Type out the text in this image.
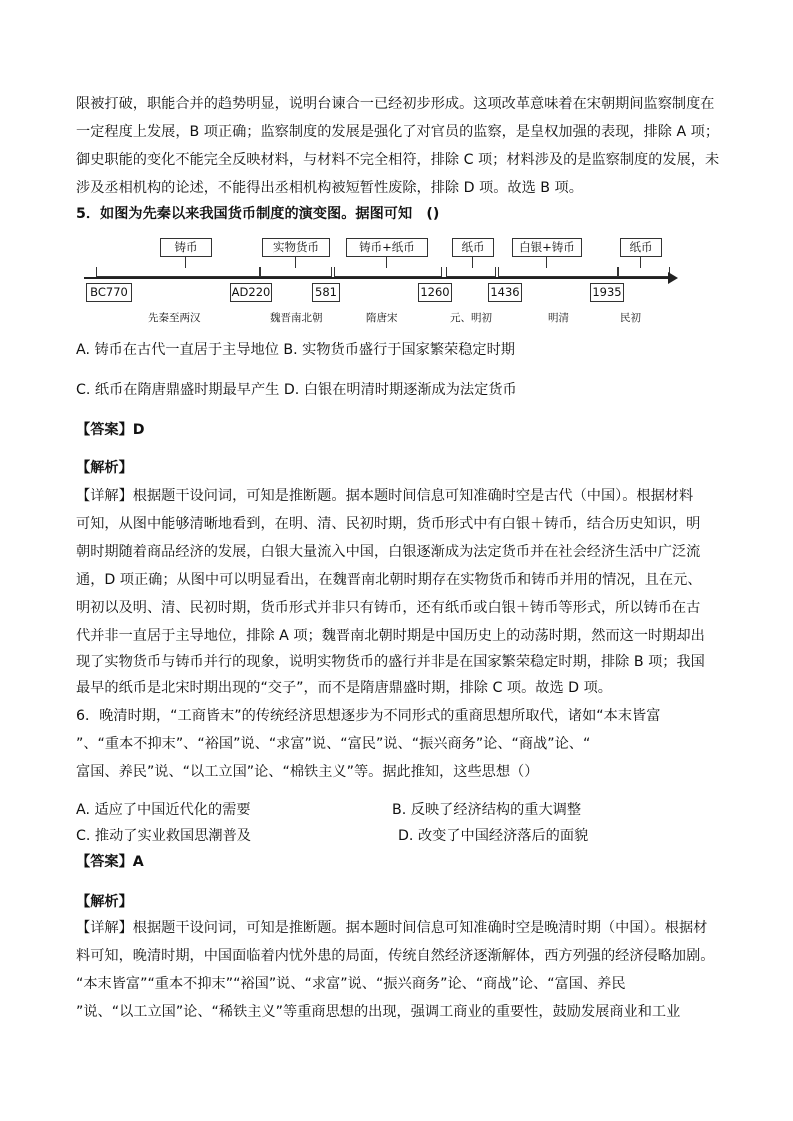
限被打破，职能合并的趋势明显，说明台谏合一已经初步形成。这项改革意味着在宋朝期间监察制度在
一定程度上发展，B 项正确；监察制度的发展是强化了对官员的监察，是皇权加强的表现，排除 A 项；
御史职能的变化不能完全反映材料，与材料不完全相符，排除 C 项；材料涉及的是监察制度的发展，未
涉及丞相机构的论述，不能得出丞相机构被短暂性废除，排除 D 项。故选 B 项。
5．如图为先秦以来我国货币制度的演变图。据图可知　()
铸币	实物货币	铸币+纸币	纸币	白银+铸币	纸币
BC770	AD220	581	1260	1436	1935
先秦至两汉	魏晋南北朝	隋唐宋	元、明初	明清	民初
A. 铸币在古代一直居于主导地位 B. 实物货币盛行于国家繁荣稳定时期
C. 纸币在隋唐鼎盛时期最早产生 D. 白银在明清时期逐渐成为法定货币
【答案】D
【解析】
【详解】根据题干设问词，可知是推断题。据本题时间信息可知准确时空是古代（中国）。根据材料
可知，从图中能够清晰地看到，在明、清、民初时期，货币形式中有白银＋铸币，结合历史知识，明
朝时期随着商品经济的发展，白银大量流入中国，白银逐渐成为法定货币并在社会经济生活中广泛流
通，D 项正确；从图中可以明显看出，在魏晋南北朝时期存在实物货币和铸币并用的情况，且在元、
明初以及明、清、民初时期，货币形式并非只有铸币，还有纸币或白银＋铸币等形式，所以铸币在古
代并非一直居于主导地位，排除 A 项；魏晋南北朝时期是中国历史上的动荡时期，然而这一时期却出
现了实物货币与铸币并行的现象，说明实物货币的盛行并非是在国家繁荣稳定时期，排除 B 项；我国
最早的纸币是北宋时期出现的“交子”，而不是隋唐鼎盛时期，排除 C 项。故选 D 项。
6．晚清时期，“工商皆末”的传统经济思想逐步为不同形式的重商思想所取代，诸如“本末皆富
”、“重本不抑末”、“裕国”说、“求富”说、“富民”说、“振兴商务”论、“商战”论、“
富国、养民”说、“以工立国”论、“棉铁主义”等。据此推知，这些思想（）
A. 适应了中国近代化的需要	B. 反映了经济结构的重大调整
C. 推动了实业救国思潮普及	D. 改变了中国经济落后的面貌
【答案】A
【解析】
【详解】根据题干设问词，可知是推断题。据本题时间信息可知准确时空是晚清时期（中国）。根据材
料可知，晚清时期，中国面临着内忧外患的局面，传统自然经济逐渐解体，西方列强的经济侵略加剧。
“本末皆富”“重本不抑末”“裕国”说、“求富”说、“振兴商务”论、“商战”论、“富国、养民
”说、“以工立国”论、“稀铁主义”等重商思想的出现，强调工商业的重要性，鼓励发展商业和工业
